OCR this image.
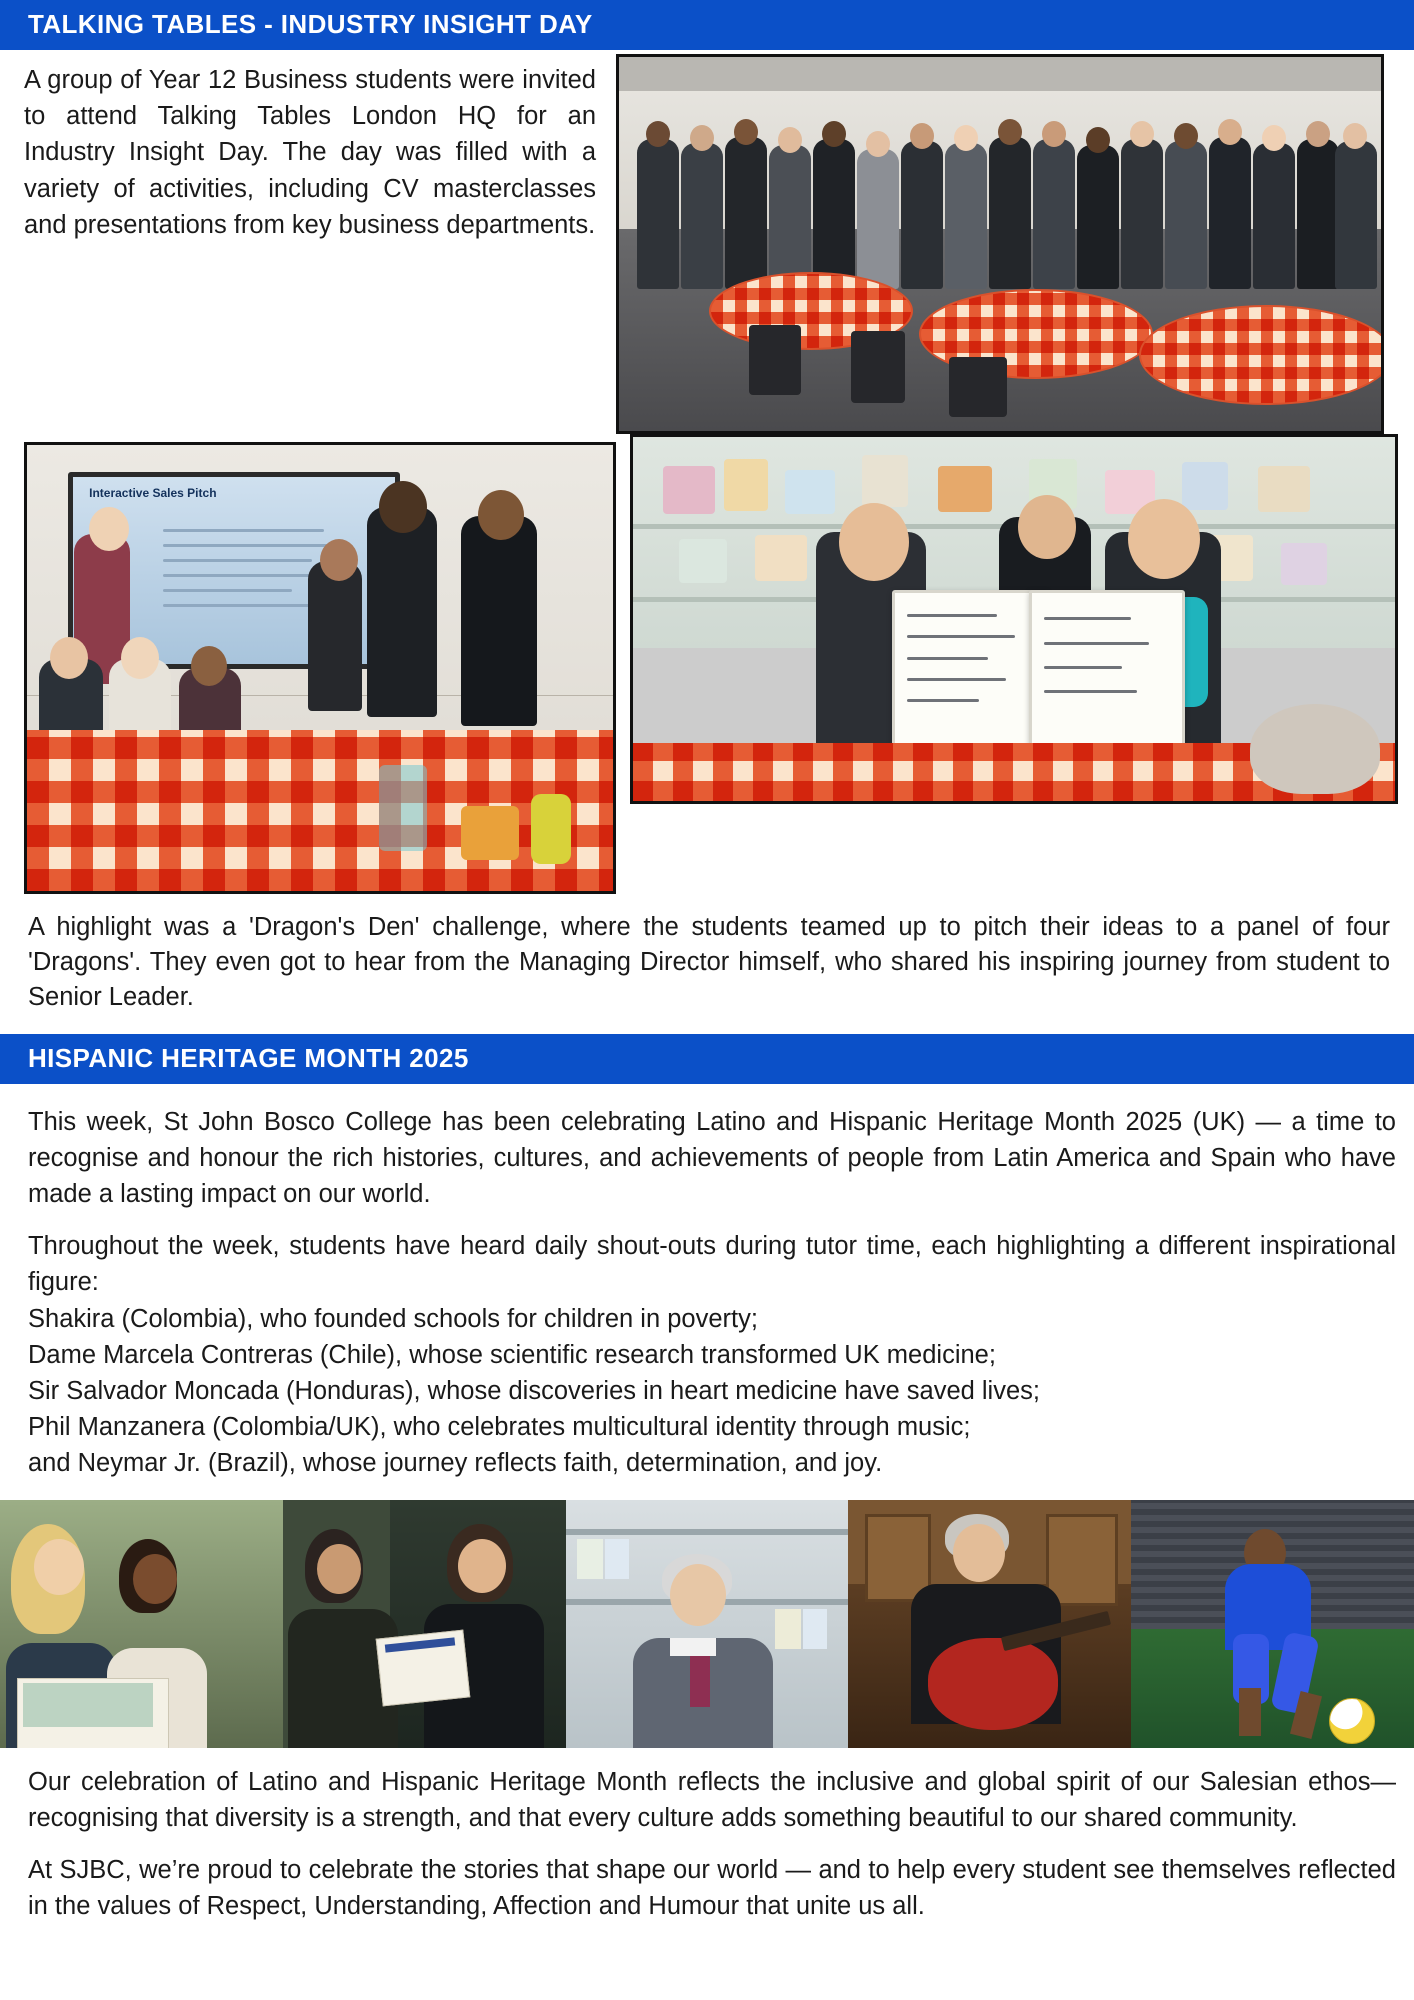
TALKING TABLES - INDUSTRY INSIGHT DAY
A group of Year 12 Business students were invited to attend Talking Tables London HQ for an Industry Insight Day. The day was filled with a variety of activities, including CV masterclasses and presentations from key business departments.
Interactive Sales Pitch
A highlight was a 'Dragon's Den' challenge, where the students teamed up to pitch their ideas to a panel of four 'Dragons'. They even got to hear from the Managing Director himself, who shared his inspiring journey from student to Senior Leader.
HISPANIC HERITAGE MONTH 2025

This week, St John Bosco College has been celebrating Latino and Hispanic Heritage Month 2025 (UK) — a time to recognise and honour the rich histories, cultures, and achievements of people from Latin America and Spain who have made a lasting impact on our world.

Throughout the week, students have heard daily shout-outs during tutor time, each highlighting a different inspirational figure:

Shakira (Colombia), who founded schools for children in poverty;
Dame Marcela Contreras (Chile), whose scientific research transformed UK medicine;
Sir Salvador Moncada (Honduras), whose discoveries in heart medicine have saved lives;
Phil Manzanera (Colombia/UK), who celebrates multicultural identity through music;
and Neymar Jr. (Brazil), whose journey reflects faith, determination, and joy.

Our celebration of Latino and Hispanic Heritage Month reflects the inclusive and global spirit of our Salesian ethos— recognising that diversity is a strength, and that every culture adds something beautiful to our shared community.

At SJBC, we’re proud to celebrate the stories that shape our world — and to help every student see themselves reflected in the values of Respect, Understanding, Affection and Humour that unite us all.
